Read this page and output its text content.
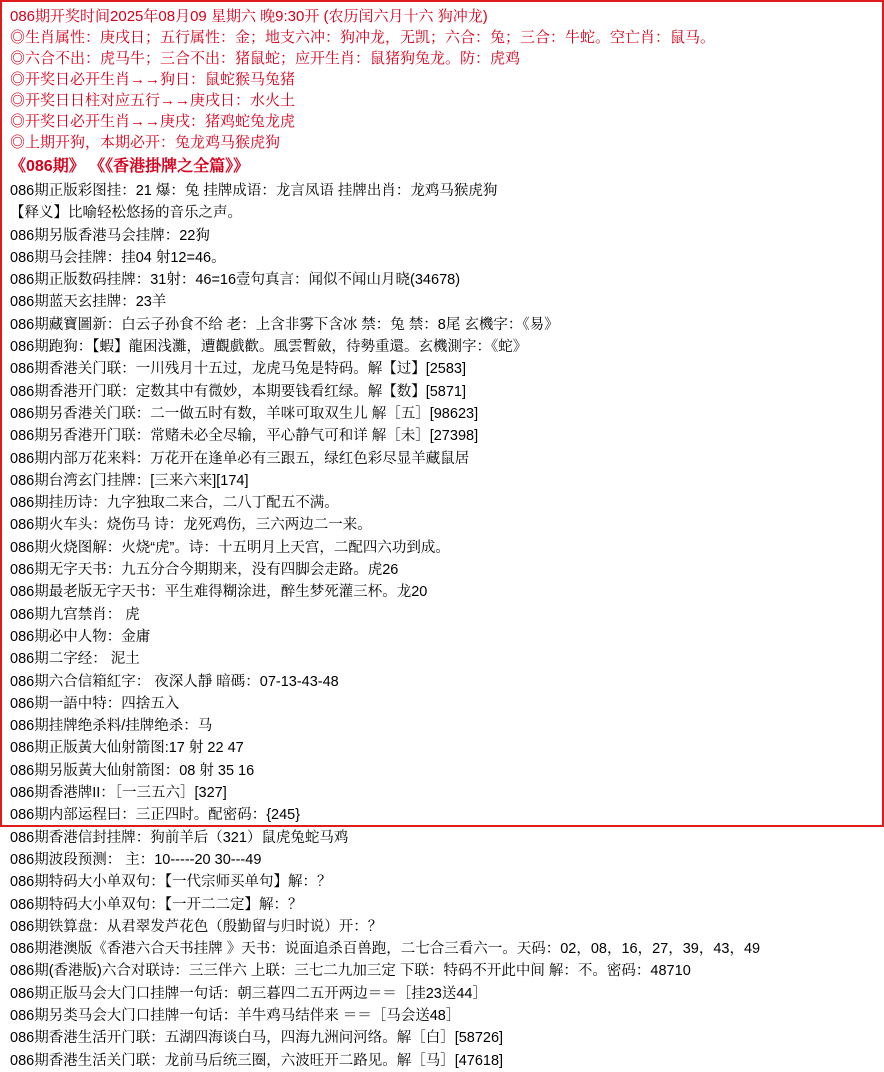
086期开奖时间2025年08月09 星期六 晚9:30开 (农历闰六月十六 狗冲龙)
◎生肖属性：庚戌日；五行属性：金；地支六冲：狗冲龙，无凯；六合：兔；三合：牛蛇。空亡肖：鼠马。
◎六合不出：虎马牛；三合不出：猪鼠蛇；应开生肖：鼠猪狗兔龙。防：虎鸡
◎开奖日必开生肖→→狗日：鼠蛇猴马兔猪
◎开奖日日柱对应五行→→庚戌日：水火土
◎开奖日必开生肖→→庚戌：猪鸡蛇兔龙虎
◎上期开狗，本期必开：兔龙鸡马猴虎狗
《086期》 《《香港掛牌之全篇》》
086期正版彩图挂：21 爆：兔 挂牌成语：龙言凤语 挂牌出肖：龙鸡马猴虎狗
【释义】比喻轻松悠扬的音乐之声。
086期另版香港马会挂牌：22狗
086期马会挂牌：挂04 射12=46。
086期正版数码挂牌：31射：46=16壹句真言：闻似不闻山月晓(34678)
086期蓝天玄挂牌：23羊
086期藏寶圖新：白云子孙食不给 老：上含非雾下含冰 禁：兔 禁：8尾 玄機字：《易》
086期跑狗：【蝦】龍困浅灘，遭觀戲歡。風雲暫斂，待勢重還。玄機測字：《蛇》
086期香港关门联：一川残月十五过，龙虎马兔是特码。解【过】[2583]
086期香港开门联：定数其中有微妙，本期要钱看红绿。解【数】[5871]
086期另香港关门联：二一做五时有数，羊咪可取双生儿 解［五］[98623]
086期另香港开门联：常赌未必全尽输，平心静气可和详 解［未］[27398]
086期内部万花来料：万花开在逢单必有三跟五，绿红色彩尽显羊藏鼠居
086期台湾玄门挂牌：[三来六来][174]
086期挂历诗：九字独取二来合，二八丁配五不满。
086期火车头：烧伤马 诗：龙死鸡伤，三六两边二一来。
086期火烧图解：火烧“虎”。诗：十五明月上天宫，二配四六功到成。
086期无字天书：九五分合今期期来，没有四脚会走路。虎26
086期最老版无字天书：平生难得糊涂进，醉生梦死灌三杯。龙20
086期九宫禁肖： 虎
086期必中人物：金庸
086期二字经： 泥土
086期六合信箱紅字： 夜深人靜 暗碼：07-13-43-48
086期一語中特：四捨五入
086期挂牌绝杀料/挂牌绝杀：马
086期正版黃大仙射箭图:17 射 22 47
086期另版黃大仙射箭图：08 射 35 16
086期香港牌II：［一三五六］[327]
086期内部运程曰：三正四时。配密码：{245}
086期香港信封挂牌：狗前羊后（321）鼠虎兔蛇马鸡
086期波段预测： 主：10-----20 30---49
086期特码大小单双句：【一代宗师买单句】解：？
086期特码大小单双句：【一开二二定】解：？
086期铁算盘：从君翠发芦花色（殷勤留与归时说）开：？
086期港澳版《香港六合天书挂牌 》天书：说面追杀百兽跑，二七合三看六一。天码：02，08，16，27，39，43，49
086期(香港版)六合对联诗：三三伴六 上联：三七二九加三定 下联：特码不开此中间 解：不。密码：48710
086期正版马会大门口挂牌一句话：朝三暮四二五开两边＝＝［挂23送44］
086期另类马会大门口挂牌一句话：羊牛鸡马结伴来 ＝＝［马会送48］
086期香港生活开门联：五湖四海谈白马，四海九洲问河络。解［白］[58726]
086期香港生活关门联：龙前马后统三圈，六波旺开二路见。解［马］[47618]
